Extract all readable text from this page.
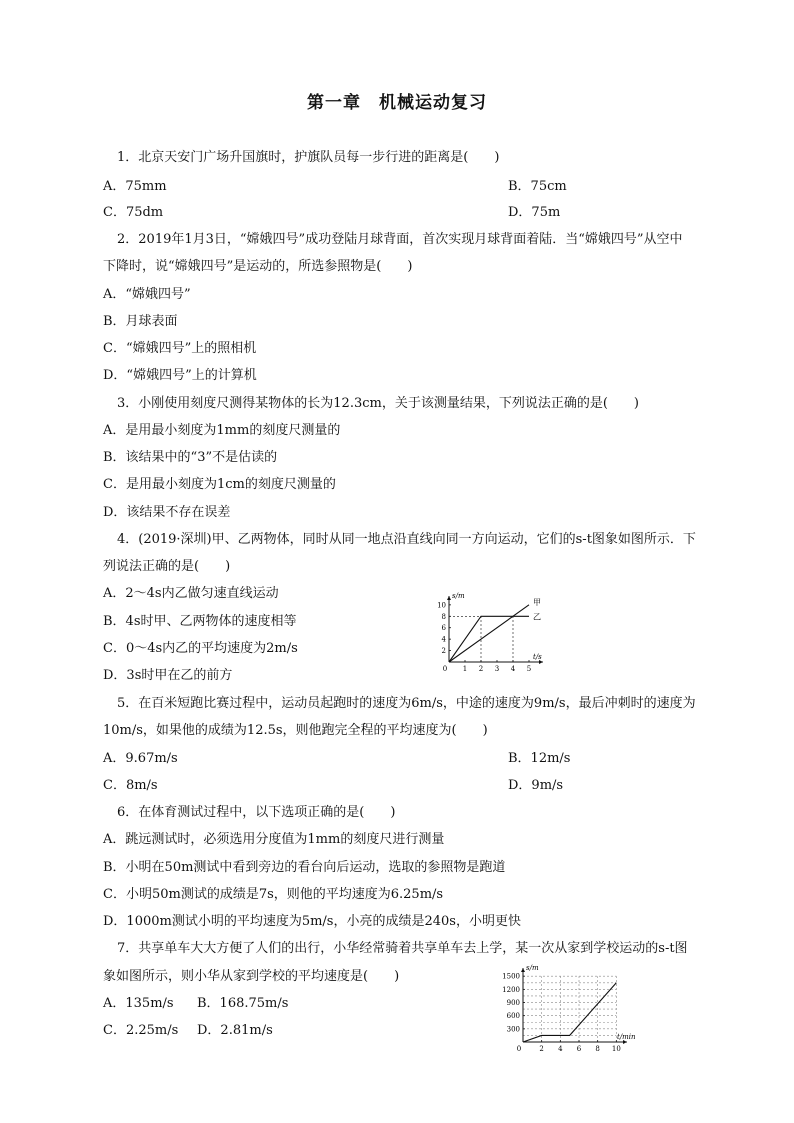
第一章　机械运动复习
1．北京天安门广场升国旗时，护旗队员每一步行进的距离是(　　)
A．75mm	B．75cm
C．75dm	D．75m
2．2019年1月3日，“嫦娥四号”成功登陆月球背面，首次实现月球背面着陆．当“嫦娥四号”从空中
下降时，说“嫦娥四号”是运动的，所选参照物是(　　)
A．“嫦娥四号”
B．月球表面
C．“嫦娥四号”上的照相机
D．“嫦娥四号”上的计算机
3．小刚使用刻度尺测得某物体的长为12.3cm，关于该测量结果，下列说法正确的是(　　)
A．是用最小刻度为1mm的刻度尺测量的
B．该结果中的“3”不是估读的
C．是用最小刻度为1cm的刻度尺测量的
D．该结果不存在误差
4．(2019·深圳)甲、乙两物体，同时从同一地点沿直线向同一方向运动，它们的s-t图象如图所示．下
列说法正确的是(　　)
A．2～4s内乙做匀速直线运动
B．4s时甲、乙两物体的速度相等
C．0～4s内乙的平均速度为2m/s
D．3s时甲在乙的前方	0 1 2 3 4 5
2
4
6
8
10
s/m
t/s
甲
乙
5．在百米短跑比赛过程中，运动员起跑时的速度为6m/s，中途的速度为9m/s，最后冲刺时的速度为
10m/s，如果他的成绩为12.5s，则他跑完全程的平均速度为(　　)
A．9.67m/s	B．12m/s
C．8m/s	D．9m/s
6．在体育测试过程中，以下选项正确的是(　　)
A．跳远测试时，必须选用分度值为1mm的刻度尺进行测量
B．小明在50m测试中看到旁边的看台向后运动，选取的参照物是跑道
C．小明50m测试的成绩是7s，则他的平均速度为6.25m/s
D．1000m测试小明的平均速度为5m/s，小亮的成绩是240s，小明更快
7．共享单车大大方便了人们的出行，小华经常骑着共享单车去上学，某一次从家到学校运动的s-t图
象如图所示，则小华从家到学校的平均速度是(　　)
A．135m/s B．168.75m/s
C．2.25m/s D．2.81m/s
0	2 4 6 8 10
300
600
900
1200
1500
s/m
t/min
